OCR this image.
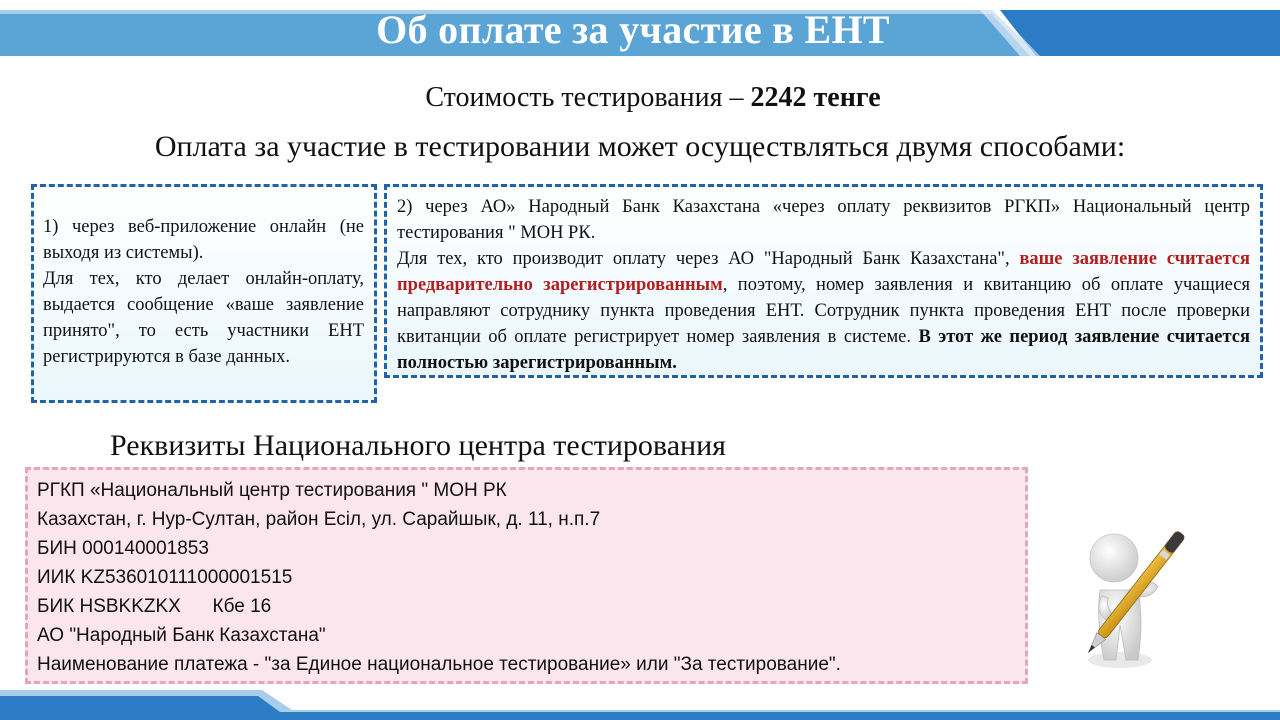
Об оплате за участие в ЕНТ
Стоимость тестирования – 2242 тенге
Оплата за участие в тестировании может осуществляться двумя способами:

1) через веб-приложение онлайн (не выходя из системы).

Для тех, кто делает онлайн-оплату, выдается сообщение «ваше заявление принято", то есть участники ЕНТ регистрируются в базе данных.

2) через АО» Народный Банк Казахстана «через оплату реквизитов РГКП» Национальный центр тестирования " МОН РК.

Для тех, кто производит оплату через АО "Народный Банк Казахстана", ваше заявление считается предварительно зарегистрированным, поэтому, номер заявления и квитанцию об оплате учащиеся направляют сотруднику пункта проведения ЕНТ. Сотрудник пункта проведения ЕНТ после проверки квитанции об оплате регистрирует номер заявления в системе. В этот же период заявление считается полностью зарегистрированным.

Реквизиты Национального центра тестирования
РГКП «Национальный центр тестирования " МОН РК
Казахстан, г. Нур-Султан, район Есіл, ул. Сарайшык, д. 11, н.п.7
БИН 000140001853
ИИК KZ536010111000001515
БИК HSBKKZKX      Кбе 16
АО "Народный Банк Казахстана"
Наименование платежа - "за Единое национальное тестирование» или "За тестирование".
